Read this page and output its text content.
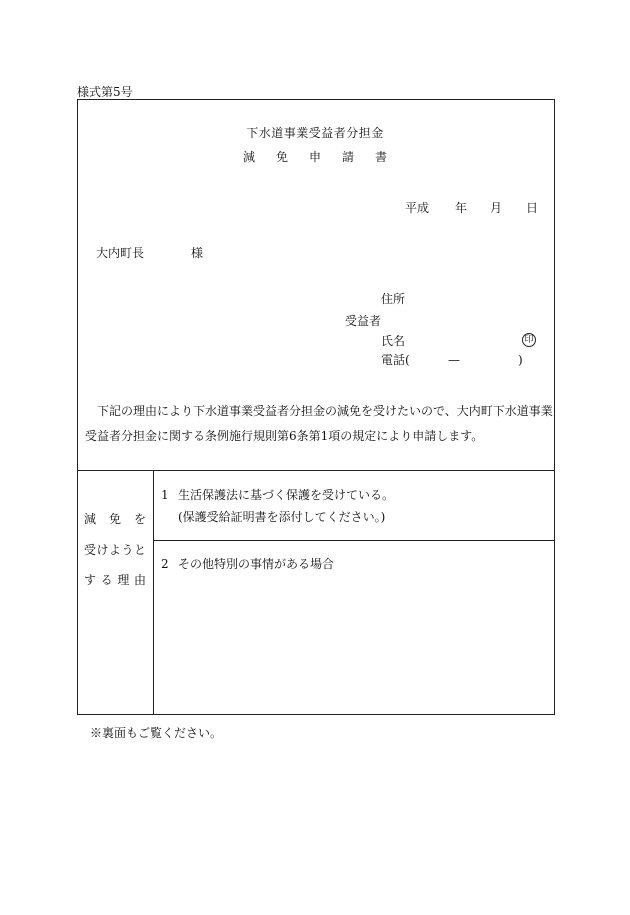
様式第5号
下水道事業受益者分担金
減免申請書
平成 年 月 日
大内町長	様
住所
受益者
氏名	印
電話(	—	)
下記の理由により下水道事業受益者分担金の減免を受けたいので、大内町下水道事業
受益者分担金に関する条例施行規則第6条第1項の規定により申請します。
減 免 を
受 け よ う と
す る 理 由
1 生活保護法に基づく保護を受けている。
(保護受給証明書を添付してください。)
2 その他特別の事情がある場合
※裏面もご覧ください。
